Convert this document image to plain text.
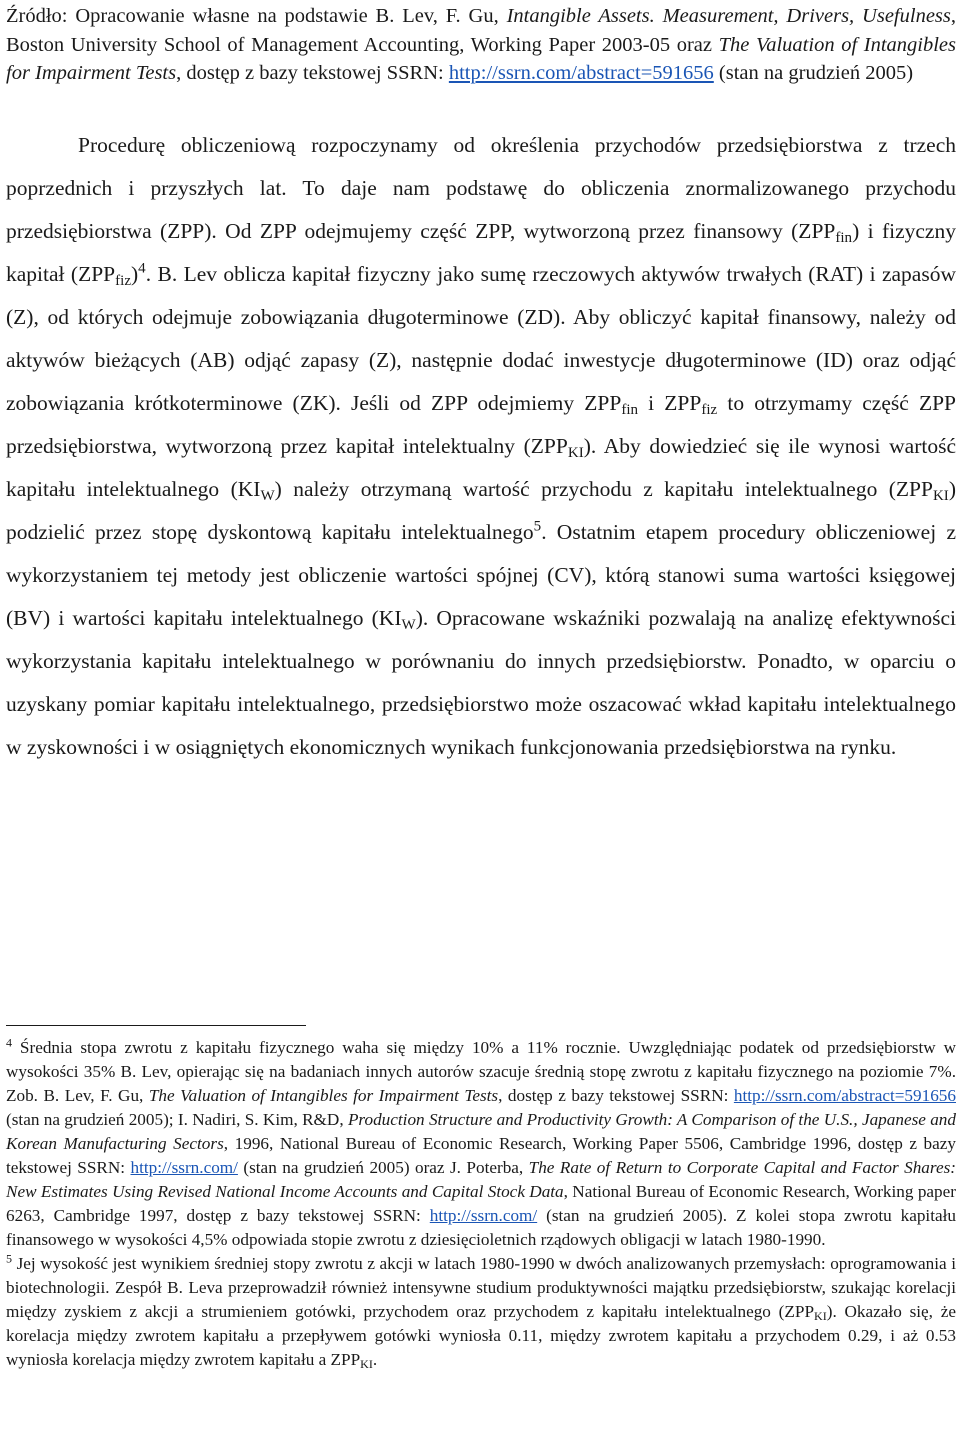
Źródło: Opracowanie własne na podstawie B. Lev, F. Gu, Intangible Assets. Measurement, Drivers, Usefulness, Boston University School of Management Accounting, Working Paper 2003-05 oraz The Valuation of Intangibles for Impairment Tests, dostęp z bazy tekstowej SSRN: http://ssrn.com/abstract=591656 (stan na grudzień 2005)
Procedurę obliczeniową rozpoczynamy od określenia przychodów przedsiębiorstwa z trzech poprzednich i przyszłych lat. To daje nam podstawę do obliczenia znormalizowanego przychodu przedsiębiorstwa (ZPP). Od ZPP odejmujemy część ZPP, wytworzoną przez finansowy $(ZPP_{fin})$ i fizyczny kapitał $(ZPP_{fiz})^4$. B. Lev oblicza kapitał fizyczny jako sumę rzeczowych aktywów trwałych (RAT) i zapasów (Z), od których odejmuje zobowiązania długoterminowe (ZD). Aby obliczyć kapitał finansowy, należy od aktywów bieżących (AB) odjąć zapasy (Z), następnie dodać inwestycje długoterminowe (ID) oraz odjąć zobowiązania krótkoterminowe (ZK). Jeśli od ZPP odejmiemy $ZPP_{fin}$ i $ZPP_{fiz}$ to otrzymamy część ZPP przedsiębiorstwa, wytworzoną przez kapitał intelektualny $(ZPP_{KI})$. Aby dowiedzieć się ile wynosi wartość kapitału intelektualnego $(KI_W)$ należy otrzymaną wartość przychodu z kapitału intelektualnego $(ZPP_{KI})$ podzielić przez stopę dyskontową kapitału intelektualnego$^5$. Ostatnim etapem procedury obliczeniowej z wykorzystaniem tej metody jest obliczenie wartości spójnej (CV), którą stanowi suma wartości księgowej (BV) i wartości kapitału intelektualnego $(KI_W)$. Opracowane wskaźniki pozwalają na analizę efektywności wykorzystania kapitału intelektualnego w porównaniu do innych przedsiębiorstw. Ponadto, w oparciu o uzyskany pomiar kapitału intelektualnego, przedsiębiorstwo może oszacować wkład kapitału intelektualnego w zyskowności i w osiągniętych ekonomicznych wynikach funkcjonowania przedsiębiorstwa na rynku.

$^4$ Średnia stopa zwrotu z kapitału fizycznego waha się między 10% a 11% rocznie. Uwzględniając podatek od przedsiębiorstw w wysokości 35% B. Lev, opierając się na badaniach innych autorów szacuje średnią stopę zwrotu z kapitału fizycznego na poziomie 7%. Zob. B. Lev, F. Gu, The Valuation of Intangibles for Impairment Tests, dostęp z bazy tekstowej SSRN: http://ssrn.com/abstract=591656 (stan na grudzień 2005); I. Nadiri, S. Kim, R&D, Production Structure and Productivity Growth: A Comparison of the U.S., Japanese and Korean Manufacturing Sectors, 1996, National Bureau of Economic Research, Working Paper 5506, Cambridge 1996, dostęp z bazy tekstowej SSRN: http://ssrn.com/ (stan na grudzień 2005) oraz J. Poterba, The Rate of Return to Corporate Capital and Factor Shares: New Estimates Using Revised National Income Accounts and Capital Stock Data, National Bureau of Economic Research, Working paper 6263, Cambridge 1997, dostęp z bazy tekstowej SSRN: http://ssrn.com/ (stan na grudzień 2005). Z kolei stopa zwrotu kapitału finansowego w wysokości 4,5% odpowiada stopie zwrotu z dziesięcioletnich rządowych obligacji w latach 1980-1990.

$^5$ Jej wysokość jest wynikiem średniej stopy zwrotu z akcji w latach 1980-1990 w dwóch analizowanych przemysłach: oprogramowania i biotechnologii. Zespół B. Leva przeprowadził również intensywne studium produktywności majątku przedsiębiorstw, szukając korelacji między zyskiem z akcji a strumieniem gotówki, przychodem oraz przychodem z kapitału intelektualnego $(ZPP_{KI})$. Okazało się, że korelacja między zwrotem kapitału a przepływem gotówki wyniosła 0.11, między zwrotem kapitału a przychodem 0.29, i aż 0.53 wyniosła korelacja między zwrotem kapitału a $ZPP_{KI}$.
